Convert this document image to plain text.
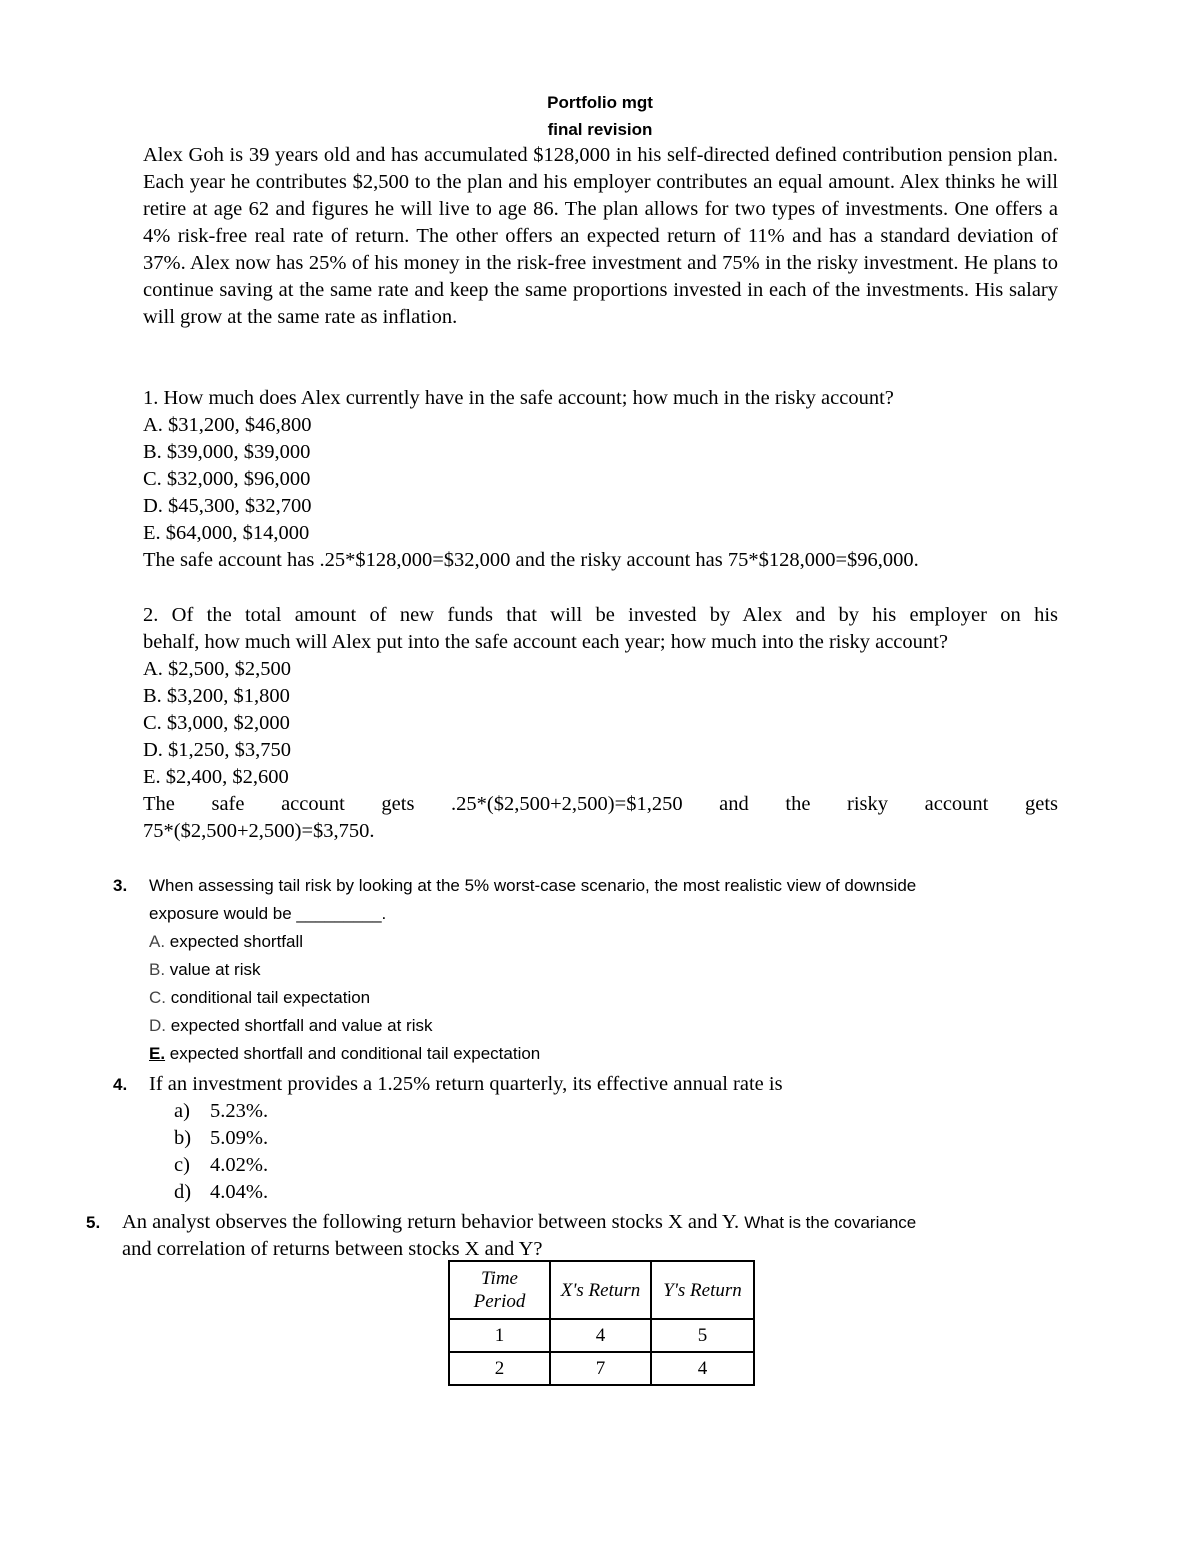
Portfolio mgt
final revision

Alex Goh is 39 years old and has accumulated $128,000 in his self-directed defined contribution pension plan. Each year he contributes $2,500 to the plan and his employer contributes an equal amount. Alex thinks he will retire at age 62 and figures he will live to age 86. The plan allows for two types of investments. One offers a 4% risk-free real rate of return. The other offers an expected return of 11% and has a standard deviation of 37%. Alex now has 25% of his money in the risk-free investment and 75% in the risky investment. He plans to continue saving at the same rate and keep the same proportions invested in each of the investments. His salary will grow at the same rate as inflation.

1. How much does Alex currently have in the safe account; how much in the risky account?
A. $31,200, $46,800
B. $39,000, $39,000
C. $32,000, $96,000
D. $45,300, $32,700
E. $64,000, $14,000
The safe account has .25*$128,000=$32,000 and the risky account has 75*$128,000=$96,000.
2. Of the total amount of new funds that will be invested by Alex and by his employer on his
behalf, how much will Alex put into the safe account each year; how much into the risky account?
A. $2,500, $2,500
B. $3,200, $1,800
C. $3,000, $2,000
D. $1,250, $3,750
E. $2,400, $2,600
The safe account gets .25*($2,500+2,500)=$1,250 and the risky account gets
75*($2,500+2,500)=$3,750.
3. When assessing tail risk by looking at the 5% worst-case scenario, the most realistic view of downside
exposure would be _________.
A. expected shortfall
B. value at risk
C. conditional tail expectation
D. expected shortfall and value at risk
E. expected shortfall and conditional tail expectation
4. If an investment provides a 1.25% return quarterly, its effective annual rate is
a) 5.23%.
b) 5.09%.
c) 4.02%.
d) 4.04%.
5. An analyst observes the following return behavior between stocks X and Y. What is the covariance
and correlation of returns between stocks X and Y?
Time
Period	X's Return	Y's Return
1	4	5
2	7	4
